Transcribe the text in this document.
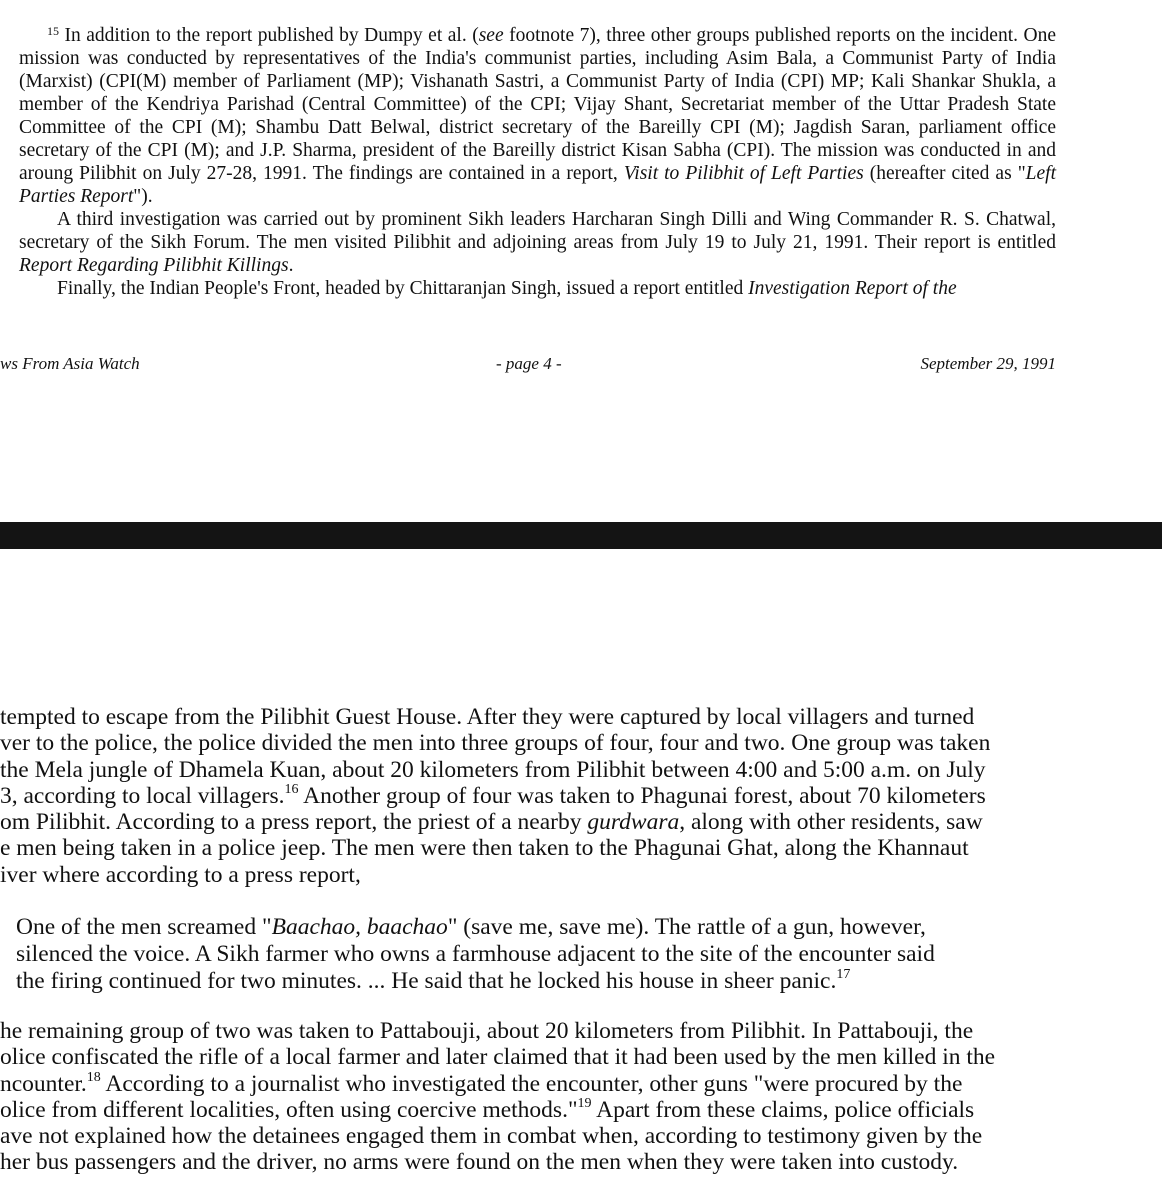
$^{15}$ In addition to the report published by Dumpy et al. (see footnote 7), three other groups published reports on the incident. One mission was conducted by representatives of the India's communist parties, including Asim Bala, a Communist Party of India (Marxist) (CPI(M) member of Parliament (MP); Vishanath Sastri, a Communist Party of India (CPI) MP; Kali Shankar Shukla, a member of the Kendriya Parishad (Central Committee) of the CPI; Vijay Shant, Secretariat member of the Uttar Pradesh State Committee of the CPI (M); Shambu Datt Belwal, district secretary of the Bareilly CPI (M); Jagdish Saran, parliament office secretary of the CPI (M); and J.P. Sharma, president of the Bareilly district Kisan Sabha (CPI). The mission was conducted in and aroung Pilibhit on July 27-28, 1991. The findings are contained in a report, Visit to Pilibhit of Left Parties (hereafter cited as "Left Parties Report").

A third investigation was carried out by prominent Sikh leaders Harcharan Singh Dilli and Wing Commander R. S. Chatwal, secretary of the Sikh Forum. The men visited Pilibhit and adjoining areas from July 19 to July 21, 1991. Their report is entitled Report Regarding Pilibhit Killings.

Finally, the Indian People's Front, headed by Chittaranjan Singh, issued a report entitled Investigation Report of the

ws From Asia Watch	- page 4 -	September 29, 1991
tempted to escape from the Pilibhit Guest House. After they were captured by local villagers and turned
ver to the police, the police divided the men into three groups of four, four and two. One group was taken
the Mela jungle of Dhamela Kuan, about 20 kilometers from Pilibhit between 4:00 and 5:00 a.m. on July
3, according to local villagers.$^{16}$ Another group of four was taken to Phagunai forest, about 70 kilometers
om Pilibhit. According to a press report, the priest of a nearby gurdwara, along with other residents, saw
e men being taken in a police jeep. The men were then taken to the Phagunai Ghat, along the Khannaut
iver where according to a press report,
One of the men screamed "Baachao, baachao" (save me, save me). The rattle of a gun, however,
silenced the voice. A Sikh farmer who owns a farmhouse adjacent to the site of the encounter said
the firing continued for two minutes. ... He said that he locked his house in sheer panic.$^{17}$
he remaining group of two was taken to Pattabouji, about 20 kilometers from Pilibhit. In Pattabouji, the
olice confiscated the rifle of a local farmer and later claimed that it had been used by the men killed in the
ncounter.$^{18}$ According to a journalist who investigated the encounter, other guns "were procured by the
olice from different localities, often using coercive methods."$^{19}$ Apart from these claims, police officials
ave not explained how the detainees engaged them in combat when, according to testimony given by the
her bus passengers and the driver, no arms were found on the men when they were taken into custody.
